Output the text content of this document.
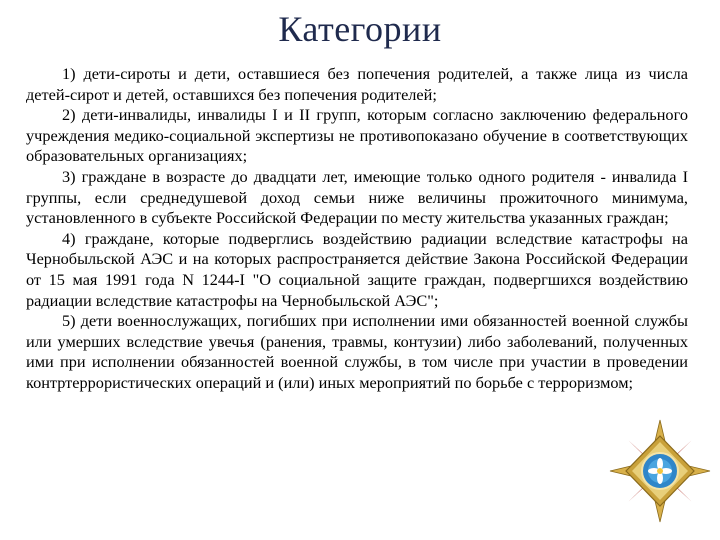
Категории

1) дети-сироты и дети, оставшиеся без попечения родителей, а также лица из числа детей-сирот и детей, оставшихся без попечения родителей;

2) дети-инвалиды, инвалиды I и II групп, которым согласно заключению федерального учреждения медико-социальной экспертизы не противопоказано обучение в соответствующих образовательных организациях;

3) граждане в возрасте до двадцати лет, имеющие только одного родителя - инвалида I группы, если среднедушевой доход семьи ниже величины прожиточного минимума, установленного в субъекте Российской Федерации по месту жительства указанных граждан;

4) граждане, которые подверглись воздействию радиации вследствие катастрофы на Чернобыльской АЭС и на которых распространяется действие Закона Российской Федерации от 15 мая 1991 года N 1244-I "О социальной защите граждан, подвергшихся воздействию радиации вследствие катастрофы на Чернобыльской АЭС";

5) дети военнослужащих, погибших при исполнении ими обязанностей военной службы или умерших вследствие увечья (ранения, травмы, контузии) либо заболеваний, полученных ими при исполнении обязанностей военной службы, в том числе при участии в проведении контртеррористических операций и (или) иных мероприятий по борьбе с терроризмом;
